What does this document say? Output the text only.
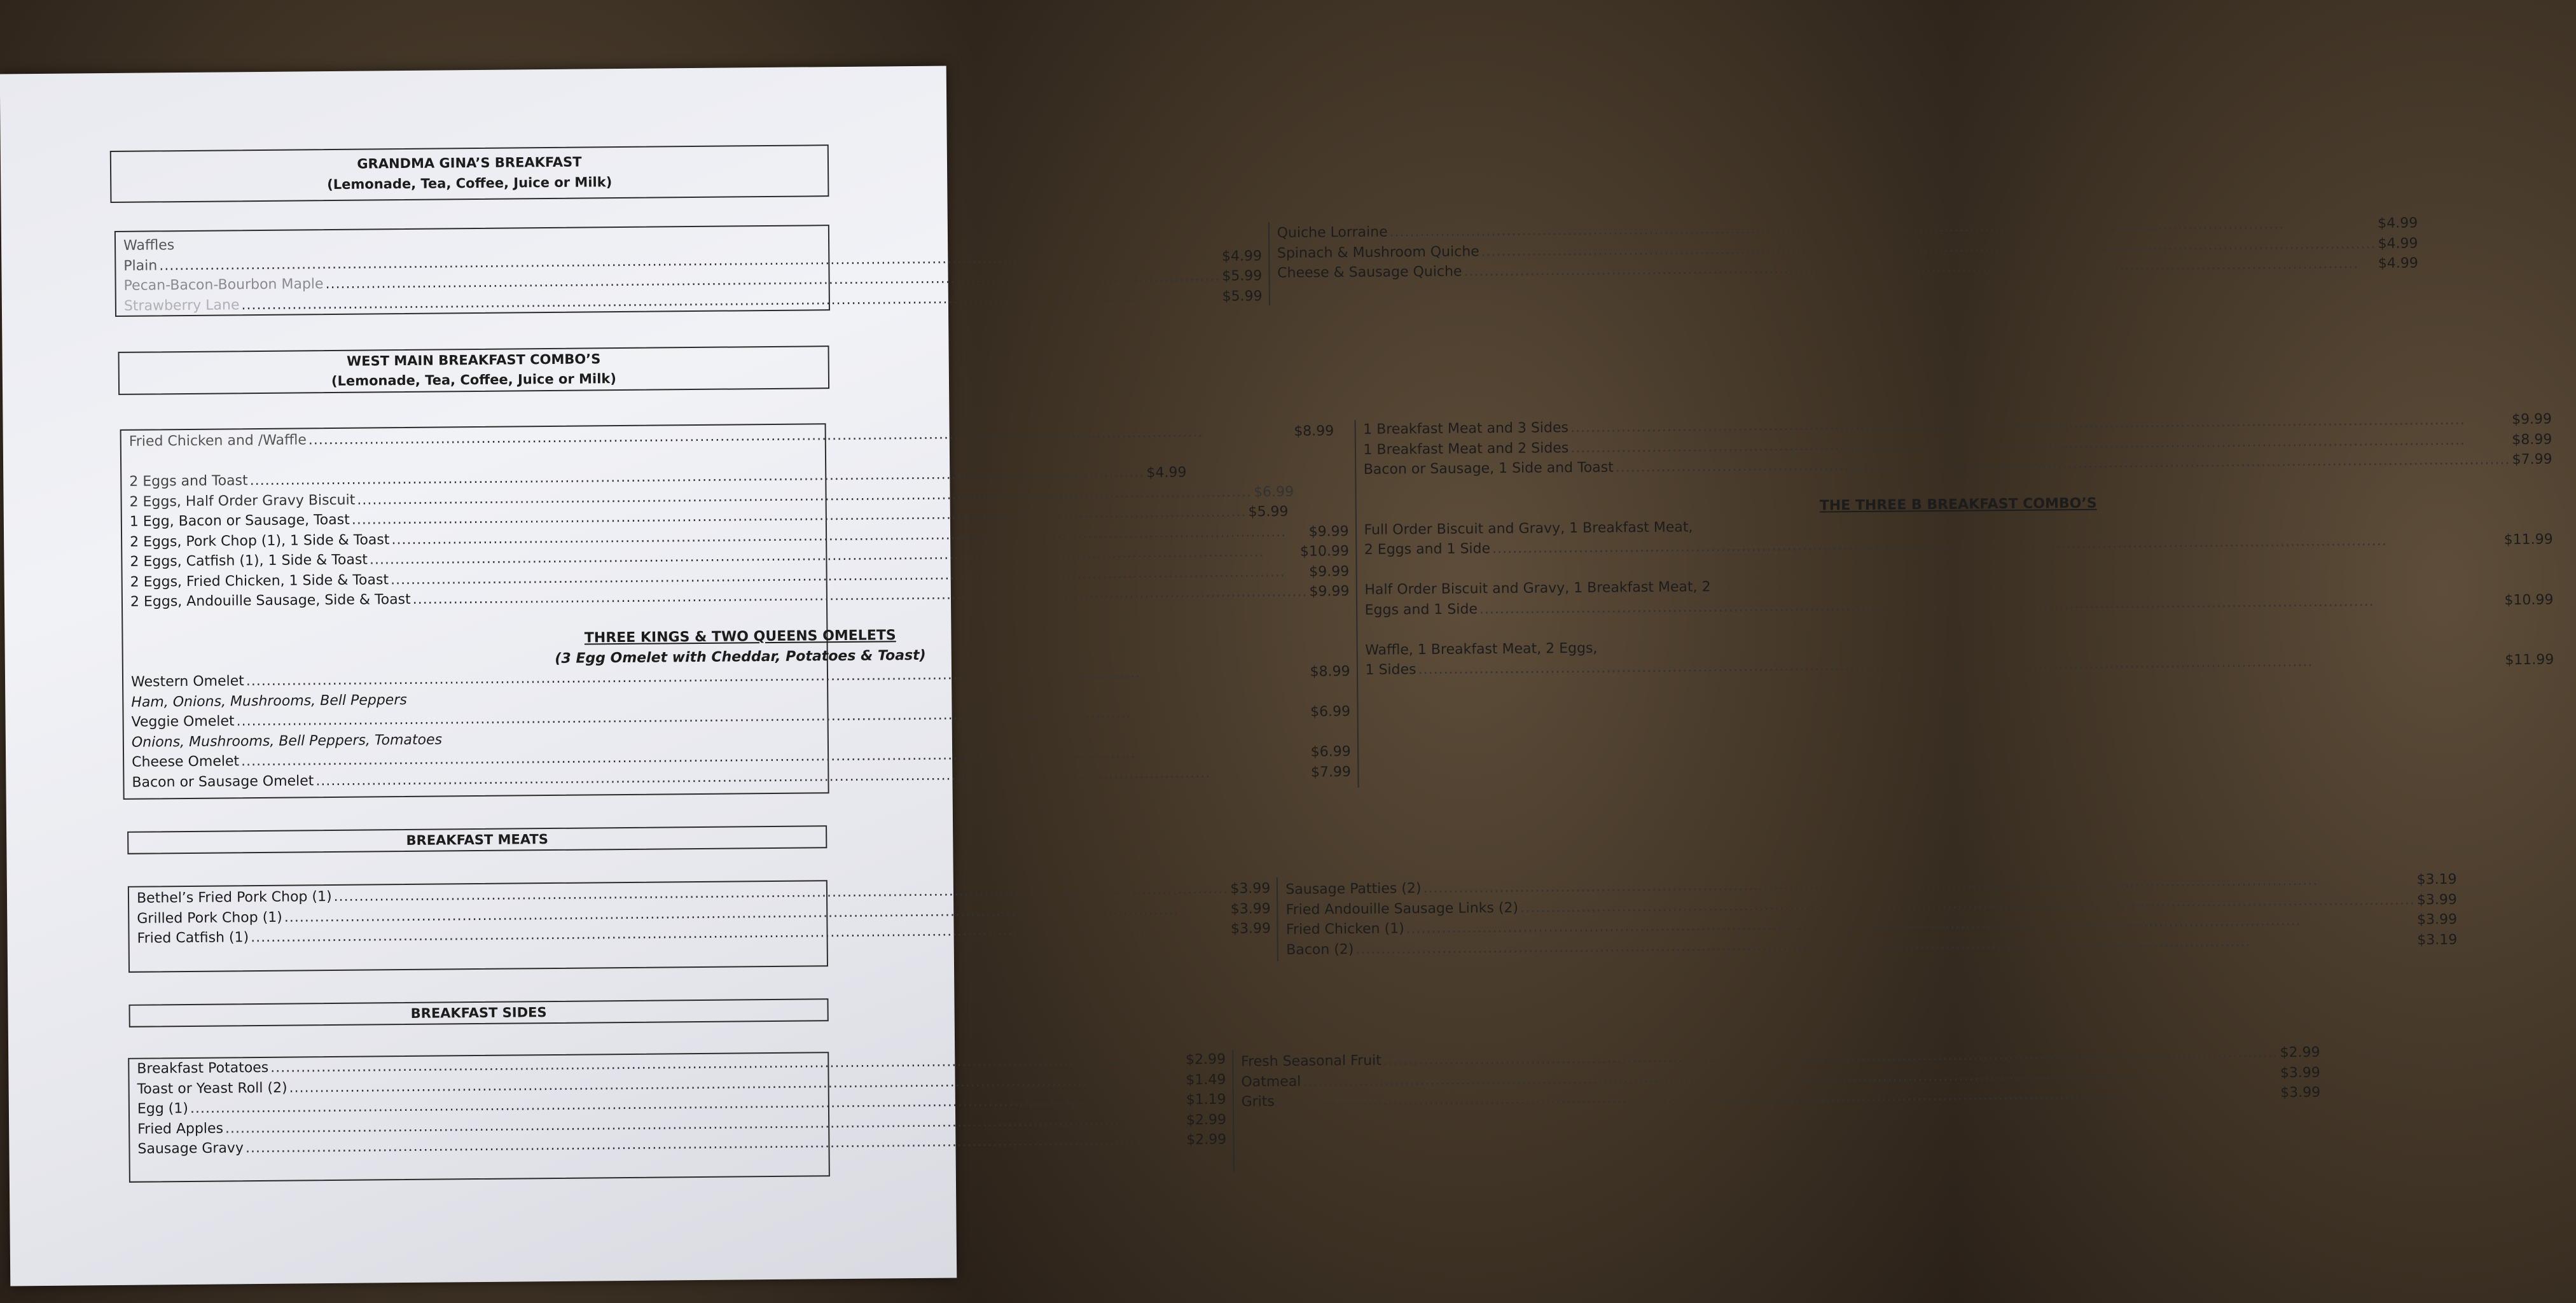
GRANDMA GINA’S BREAKFAST
(Lemonade, Tea, Coffee, Juice or Milk)
Waffles
Plain
.....
$4.99
Pecan-Bacon-Bourbon Maple
.....
$5.99
Strawberry Lane
.....
$5.99
Quiche Lorraine
.....
$4.99
Spinach & Mushroom Quiche
.....
$4.99
Cheese & Sausage Quiche
.....
$4.99
WEST MAIN BREAKFAST COMBO’S
(Lemonade, Tea, Coffee, Juice or Milk)
Fried Chicken and /Waffle
.....
$8.99
2 Eggs and Toast
.....
$4.99
2 Eggs, Half Order Gravy Biscuit
.....
$6.99
1 Egg, Bacon or Sausage, Toast
.....
$5.99
2 Eggs, Pork Chop (1), 1 Side & Toast
.....
$9.99
2 Eggs, Catfish (1), 1 Side & Toast
.....
$10.99
2 Eggs, Fried Chicken, 1 Side & Toast
.....
$9.99
2 Eggs, Andouille Sausage, Side & Toast
.....
$9.99
THREE KINGS & TWO QUEENS OMELETS
(3 Egg Omelet with Cheddar, Potatoes & Toast)
Western Omelet
.....
$8.99
Ham, Onions, Mushrooms, Bell Peppers
Veggie Omelet
.....
$6.99
Onions, Mushrooms, Bell Peppers, Tomatoes
Cheese Omelet
.....
$6.99
Bacon or Sausage Omelet
.....
$7.99
1 Breakfast Meat and 3 Sides
.....
$9.99
1 Breakfast Meat and 2 Sides
.....
$8.99
Bacon or Sausage, 1 Side and Toast
.....
$7.99
THE THREE B BREAKFAST COMBO’S
Full Order Biscuit and Gravy, 1 Breakfast Meat,
2 Eggs and 1 Side
.....
$11.99
Half Order Biscuit and Gravy, 1 Breakfast Meat, 2
Eggs and 1 Side
.....
$10.99
Waffle, 1 Breakfast Meat, 2 Eggs,
1 Sides
.....
$11.99
BREAKFAST MEATS
Bethel’s Fried Pork Chop (1)
.....
$3.99
Grilled Pork Chop (1)
.....
$3.99
Fried Catfish (1)
.....
$3.99
Sausage Patties (2)
.....
$3.19
Fried Andouille Sausage Links (2)
.....
$3.99
Fried Chicken (1)
.....
$3.99
Bacon (2)
.....
$3.19
BREAKFAST SIDES
Breakfast Potatoes
.....
$2.99
Toast or Yeast Roll (2)
.....
$1.49
Egg (1)
.....
$1.19
Fried Apples
.....
$2.99
Sausage Gravy
.....
$2.99
Fresh Seasonal Fruit
.....
$2.99
Oatmeal
.....
$3.99
Grits
.....
$3.99
